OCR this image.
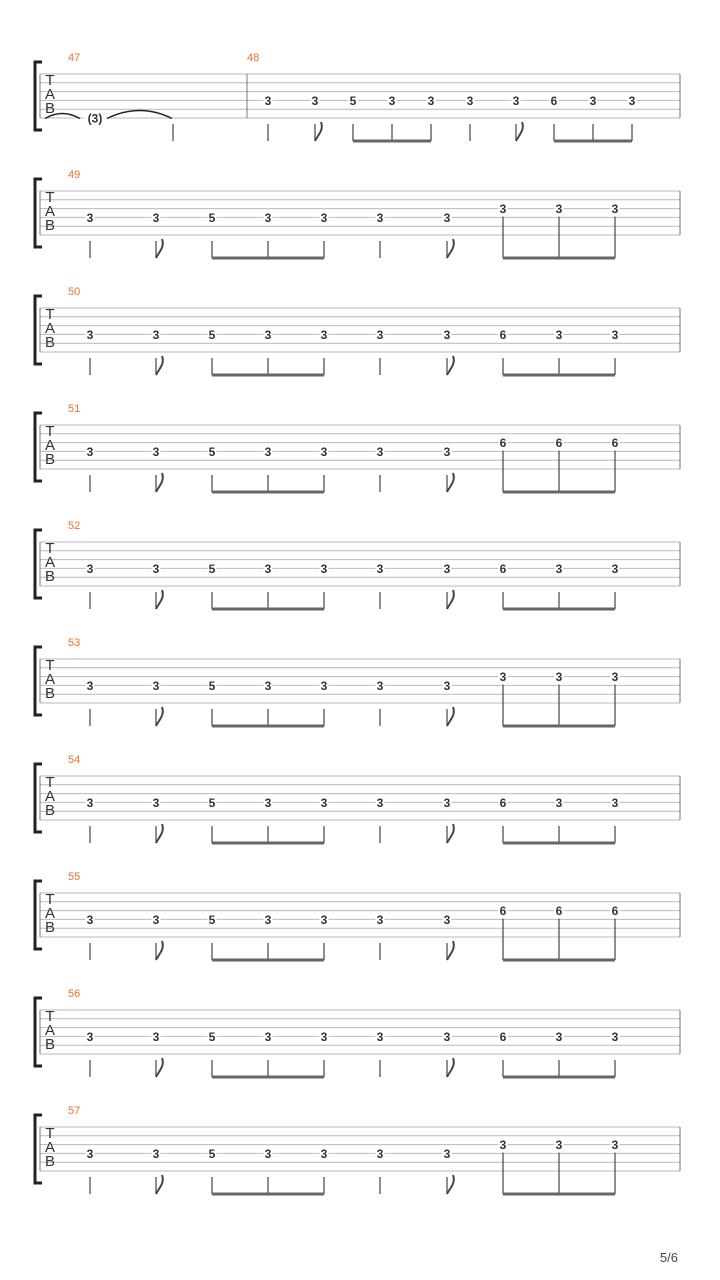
T
A
B
47
(3)
48
3	3	5	3	3	3	3	6	3	3
T
A
B
49
3	3	5	3	3	3	3
3	3	3
T
A
B
50
3	3	5	3	3	3	3	6	3	3
T
A
B
51
3	3	5	3	3	3	3
6	6	6
T
A
B
52
3	3	5	3	3	3	3	6	3	3
T
A
B
53
3	3	5	3	3	3	3
3	3	3
T
A
B
54
3	3	5	3	3	3	3	6	3	3
T
A
B
55
3	3	5	3	3	3	3
6	6	6
T
A
B
56
3	3	5	3	3	3	3	6	3	3
T
A
B
57
3	3	5	3	3	3	3
3	3	3
5/6
